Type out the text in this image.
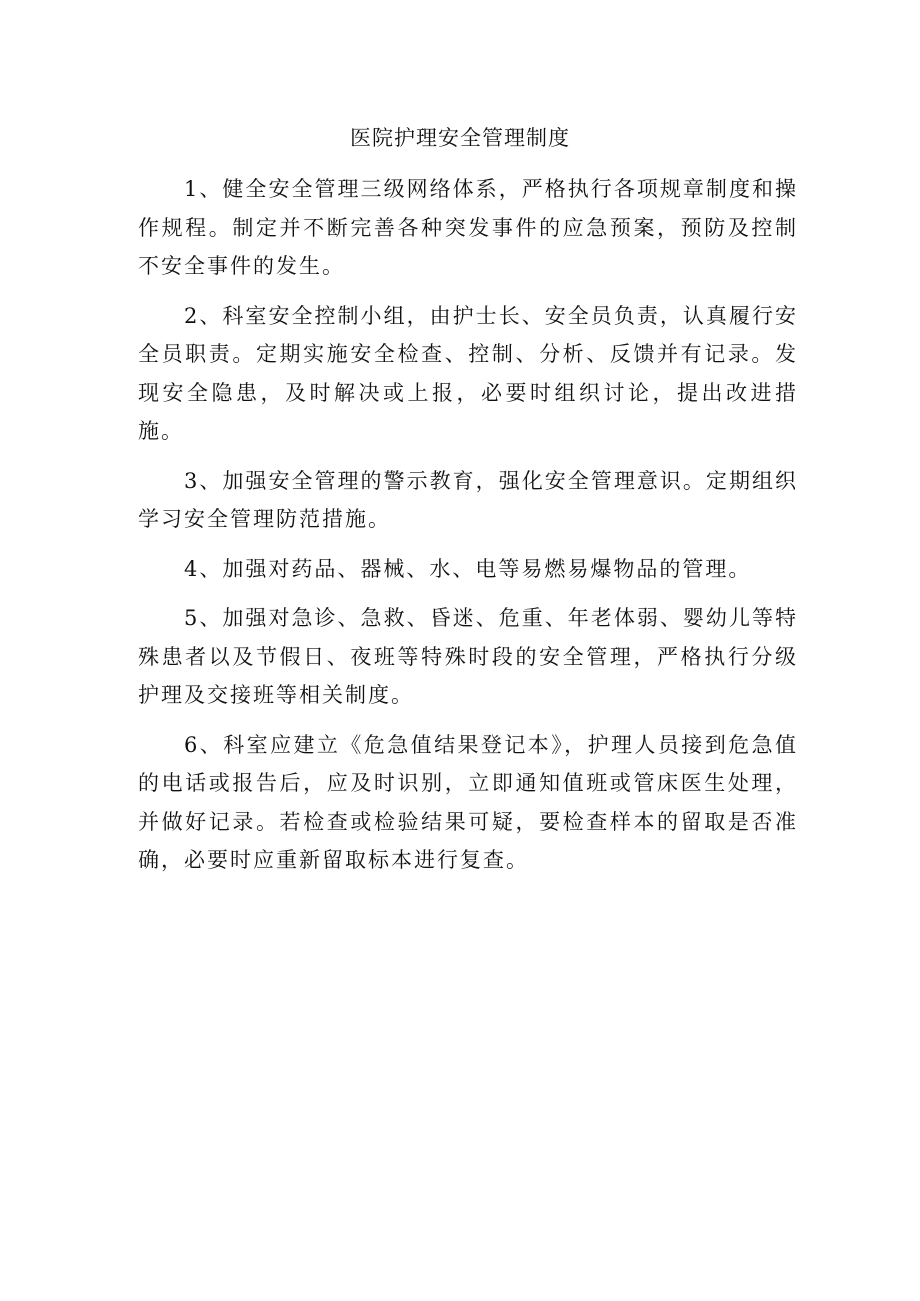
医院护理安全管理制度

1、健全安全管理三级网络体系，严格执行各项规章制度和操作规程。制定并不断完善各种突发事件的应急预案，预防及控制不安全事件的发生。

2、科室安全控制小组，由护士长、安全员负责，认真履行安全员职责。定期实施安全检查、控制、分析、反馈并有记录。发现安全隐患，及时解决或上报，必要时组织讨论，提出改进措施。

3、加强安全管理的警示教育，强化安全管理意识。定期组织学习安全管理防范措施。

4、加强对药品、器械、水、电等易燃易爆物品的管理。

5、加强对急诊、急救、昏迷、危重、年老体弱、婴幼儿等特殊患者以及节假日、夜班等特殊时段的安全管理，严格执行分级护理及交接班等相关制度。

6、科室应建立《危急值结果登记本》，护理人员接到危急值的电话或报告后，应及时识别，立即通知值班或管床医生处理，并做好记录。若检查或检验结果可疑，要检查样本的留取是否准确，必要时应重新留取标本进行复查。
